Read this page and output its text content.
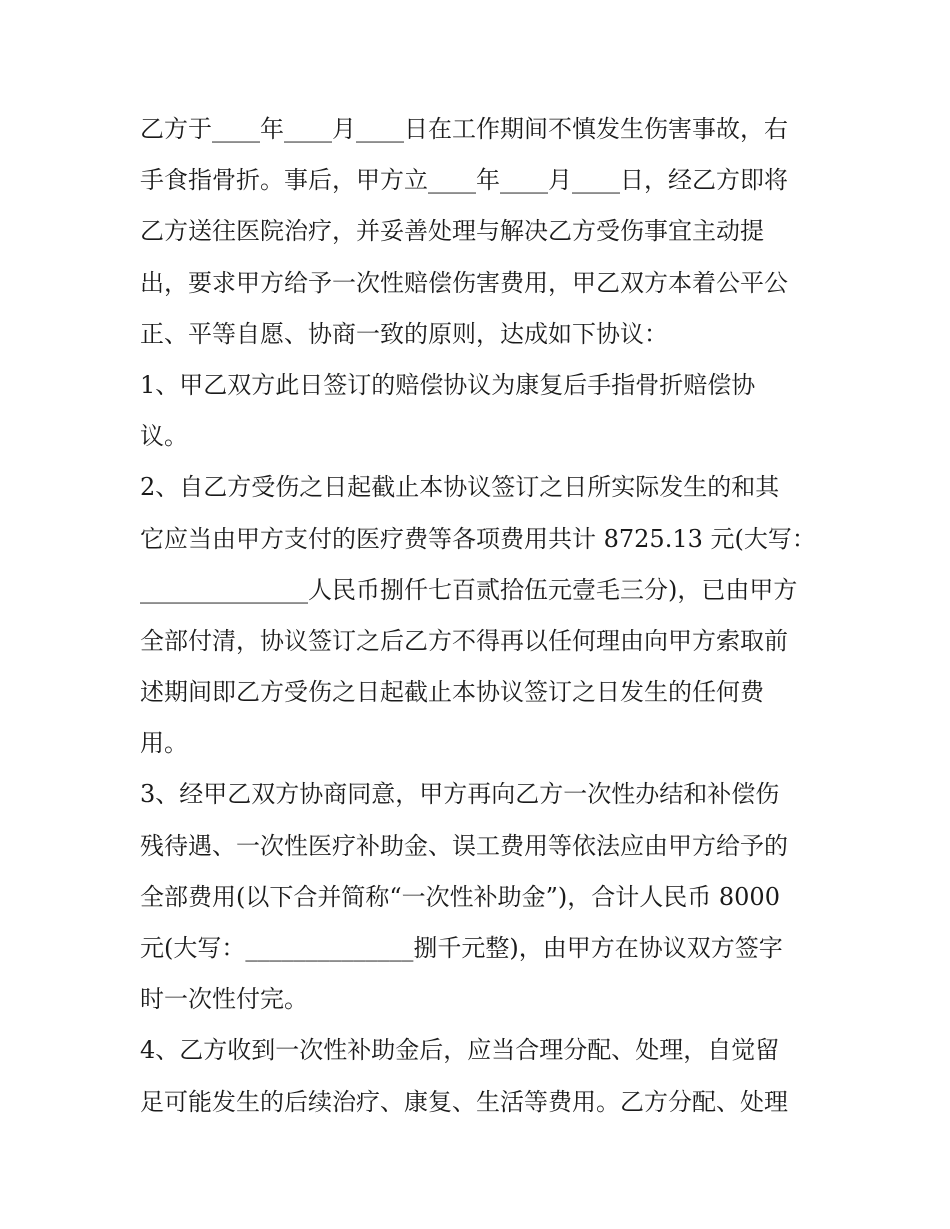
乙方于____年____月____日在工作期间不慎发生伤害事故，右
手食指骨折。事后，甲方立____年____月____日，经乙方即将
乙方送往医院治疗，并妥善处理与解决乙方受伤事宜主动提
出，要求甲方给予一次性赔偿伤害费用，甲乙双方本着公平公
正、平等自愿、协商一致的原则，达成如下协议：
1、甲乙双方此日签订的赔偿协议为康复后手指骨折赔偿协
议。
2、自乙方受伤之日起截止本协议签订之日所实际发生的和其
它应当由甲方支付的医疗费等各项费用共计 8725.13 元(大写：
______________人民币捌仟七百贰拾伍元壹毛三分)，已由甲方
全部付清，协议签订之后乙方不得再以任何理由向甲方索取前
述期间即乙方受伤之日起截止本协议签订之日发生的任何费
用。
3、经甲乙双方协商同意，甲方再向乙方一次性办结和补偿伤
残待遇、一次性医疗补助金、误工费用等依法应由甲方给予的
全部费用(以下合并简称“一次性补助金”)，合计人民币 8000
元(大写：______________捌千元整)，由甲方在协议双方签字
时一次性付完。
4、乙方收到一次性补助金后，应当合理分配、处理，自觉留
足可能发生的后续治疗、康复、生活等费用。乙方分配、处理
